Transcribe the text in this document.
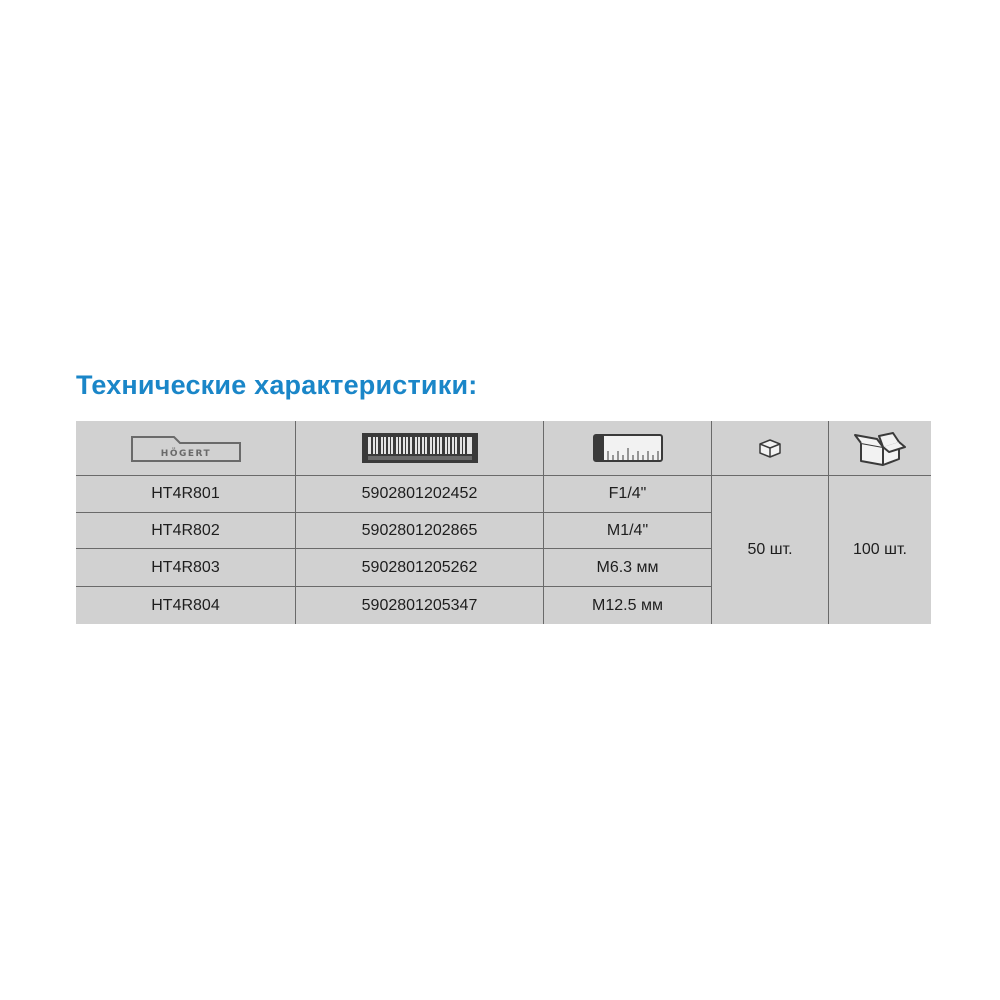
Технические характеристики:
HÖGERT
HT4R801	5902801202452	F1/4"
HT4R802	5902801202865	M1/4"
HT4R803	5902801205262	M6.3 мм
HT4R804	5902801205347	M12.5 мм
50 шт.	100 шт.
